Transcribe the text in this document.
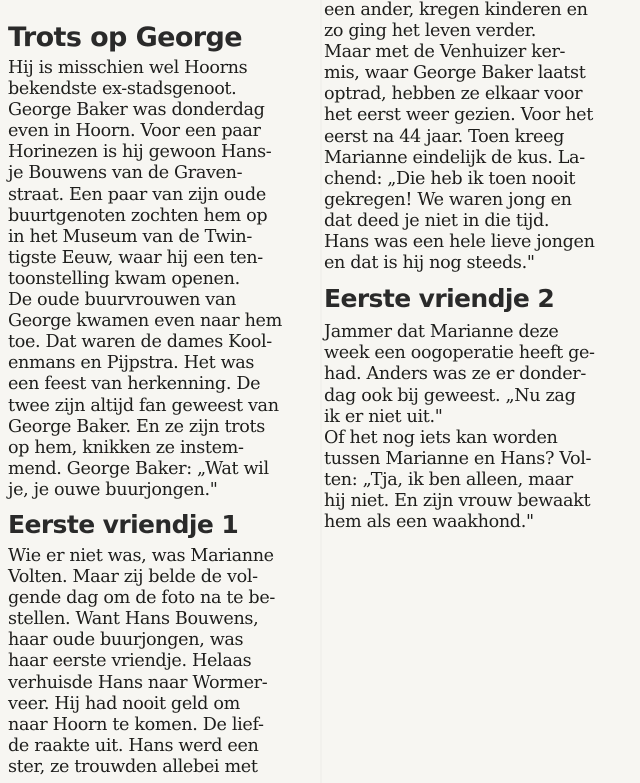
Trots op George
Hij is misschien wel Hoorns
bekendste ex-stadsgenoot.
George Baker was donderdag
even in Hoorn. Voor een paar
Horinezen is hij gewoon Hans-
je Bouwens van de Graven-
straat. Een paar van zijn oude
buurtgenoten zochten hem op
in het Museum van de Twin-
tigste Eeuw, waar hij een ten-
toonstelling kwam openen.
De oude buurvrouwen van
George kwamen even naar hem
toe. Dat waren de dames Kool-
enmans en Pijpstra. Het was
een feest van herkenning. De
twee zijn altijd fan geweest van
George Baker. En ze zijn trots
op hem, knikken ze instem-
mend. George Baker: „Wat wil
je, je ouwe buurjongen."
Eerste vriendje 1
Wie er niet was, was Marianne
Volten. Maar zij belde de vol-
gende dag om de foto na te be-
stellen. Want Hans Bouwens,
haar oude buurjongen, was
haar eerste vriendje. Helaas
verhuisde Hans naar Wormer-
veer. Hij had nooit geld om
naar Hoorn te komen. De lief-
de raakte uit. Hans werd een
ster, ze trouwden allebei met
een ander, kregen kinderen en
zo ging het leven verder.
Maar met de Venhuizer ker-
mis, waar George Baker laatst
optrad, hebben ze elkaar voor
het eerst weer gezien. Voor het
eerst na 44 jaar. Toen kreeg
Marianne eindelijk de kus. La-
chend: „Die heb ik toen nooit
gekregen! We waren jong en
dat deed je niet in die tijd.
Hans was een hele lieve jongen
en dat is hij nog steeds."
Eerste vriendje 2
Jammer dat Marianne deze
week een oogoperatie heeft ge-
had. Anders was ze er donder-
dag ook bij geweest. „Nu zag
ik er niet uit."
Of het nog iets kan worden
tussen Marianne en Hans? Vol-
ten: „Tja, ik ben alleen, maar
hij niet. En zijn vrouw bewaakt
hem als een waakhond."
